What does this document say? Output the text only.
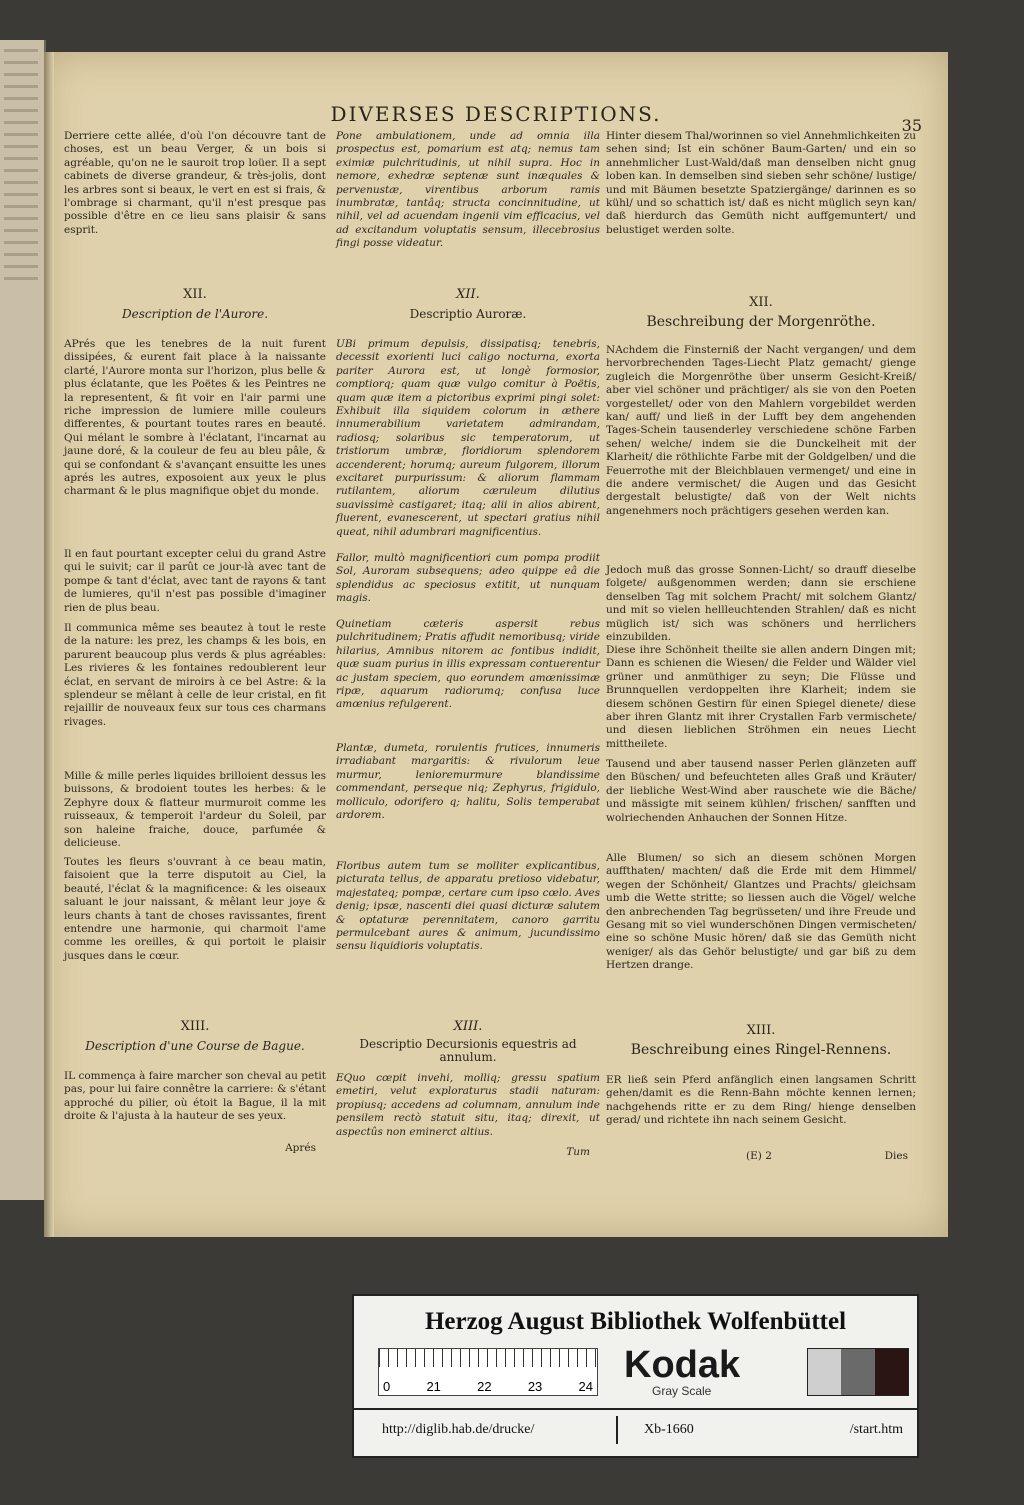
DIVERSES DESCRIPTIONS.	35

Derriere cette allée, d'où l'on découvre tant de choses, est un beau Verger, & un bois si agréable, qu'on ne le sauroit trop loüer. Il a sept cabinets de diverse grandeur, & très-jolis, dont les arbres sont si beaux, le vert en est si frais, & l'ombrage si charmant, qu'il n'est presque pas possible d'être en ce lieu sans plaisir & sans esprit.

XII.
Description de l'Aurore.

APrés que les tenebres de la nuit furent dissipées, & eurent fait place à la naissante clarté, l'Aurore monta sur l'horizon, plus belle & plus éclatante, que les Poëtes & les Peintres ne la representent, & fit voir en l'air parmi une riche impression de lumiere mille couleurs differentes, & pourtant toutes rares en beauté. Qui mélant le sombre à l'éclatant, l'incarnat au jaune doré, & la couleur de feu au bleu pâle, & qui se confondant & s'avançant ensuitte les unes aprés les autres, exposoient aux yeux le plus charmant & le plus magnifique objet du monde.

Il en faut pourtant excepter celui du grand Astre qui le suivit; car il parût ce jour-là avec tant de pompe & tant d'éclat, avec tant de rayons & tant de lumieres, qu'il n'est pas possible d'imaginer rien de plus beau.

Il communica même ses beautez à tout le reste de la nature: les prez, les champs & les bois, en parurent beaucoup plus verds & plus agréables: Les rivieres & les fontaines redoublerent leur éclat, en servant de miroirs à ce bel Astre: & la splendeur se mêlant à celle de leur cristal, en fit rejaillir de nouveaux feux sur tous ces charmans rivages.

Mille & mille perles liquides brilloient dessus les buissons, & brodoient toutes les herbes: & le Zephyre doux & flatteur murmuroit comme les ruisseaux, & temperoit l'ardeur du Soleil, par son haleine fraiche, douce, parfumée & delicieuse.

Toutes les fleurs s'ouvrant à ce beau matin, faisoient que la terre disputoit au Ciel, la beauté, l'éclat & la magnificence: & les oiseaux saluant le jour naissant, & mêlant leur joye & leurs chants à tant de choses ravissantes, firent entendre une harmonie, qui charmoit l'ame comme les oreilles, & qui portoit le plaisir jusques dans le cœur.

XIII.
Description d'une Course de Bague.

IL commença à faire marcher son cheval au petit pas, pour lui faire connêtre la carriere: & s'étant approché du pilier, où étoit la Bague, il la mit droite & l'ajusta à la hauteur de ses yeux.

Aprés

Pone ambulationem, unde ad omnia illa prospectus est, pomarium est atq; nemus tam eximiæ pulchritudinis, ut nihil supra. Hoc in nemore, exhedræ septenæ sunt inæquales & pervenustæ, virentibus arborum ramis inumbratæ, tantâq; structa concinnitudine, ut nihil, vel ad acuendam ingenii vim efficacius, vel ad excitandum voluptatis sensum, illecebrosius fingi posse videatur.

XII.
Descriptio Auroræ.

UBi primum depulsis, dissipatisq; tenebris, decessit exorienti luci caligo nocturna, exorta pariter Aurora est, ut longè formosior, comptiorq; quam quæ vulgo comitur à Poëtis, quam quæ item a pictoribus exprimi pingi solet: Exhibuit illa siquidem colorum in æthere innumerabilium varietatem admirandam, radiosq; solaribus sic temperatorum, ut tristiorum umbræ, floridiorum splendorem accenderent; horumq; aureum fulgorem, illorum excitaret purpurissum: & aliorum flammam rutilantem, aliorum cæruleum dilutius suavissimè castigaret; itaq; alii in alios abirent, fluerent, evanescerent, ut spectari gratius nihil queat, nihil adumbrari magnificentius.

Fallor, multò magnificentiori cum pompa prodiit Sol, Auroram subsequens; adeo quippe eâ die splendidus ac speciosus extitit, ut nunquam magis.

Quinetiam cæteris aspersit rebus pulchritudinem; Pratis affudit nemoribusq; viride hilarius, Amnibus nitorem ac fontibus indidit, quæ suam purius in illis expressam contuerentur ac justam speciem, quo eorundem amœnissimæ ripæ, aquarum radiorumq; confusa luce amœnius refulgerent.

Plantæ, dumeta, rorulentis frutices, innumeris irradiabant margaritis: & rivulorum leue murmur, lenioremurmure blandissime commendant, perseque niq; Zephyrus, frigidulo, molliculo, odorifero q; halitu, Solis temperabat ardorem.

Floribus autem tum se molliter explicantibus, picturata tellus, de apparatu pretioso videbatur, majestateq; pompæ, certare cum ipso cœlo. Aves denig; ipsæ, nascenti diei quasi dicturæ salutem & optaturæ perennitatem, canoro garritu permulcebant aures & animum, jucundissimo sensu liquidioris voluptatis.

XIII.
Descriptio Decursionis equestris ad annulum.

EQuo cœpit invehi, molliq; gressu spatium emetiri, velut exploraturus stadii naturam: propiusq; accedens ad columnam, annulum inde pensilem rectò statuit situ, itaq; direxit, ut aspectûs non eminerct altius.

Tum

Hinter diesem Thal/worinnen so viel Annehmlichkeiten zu sehen sind; Ist ein schöner Baum-Garten/ und ein so annehmlicher Lust-Wald/daß man denselben nicht gnug loben kan. In demselben sind sieben sehr schöne/ lustige/ und mit Bäumen besetzte Spatziergänge/ darinnen es so kühl/ und so schattich ist/ daß es nicht müglich seyn kan/ daß hierdurch das Gemüth nicht auffgemuntert/ und belustiget werden solte.

XII.
Beschreibung der Morgenröthe.

NAchdem die Finsterniß der Nacht vergangen/ und dem hervorbrechenden Tages-Liecht Platz gemacht/ gienge zugleich die Morgenröthe über unserm Gesicht-Kreiß/ aber viel schöner und prächtiger/ als sie von den Poeten vorgestellet/ oder von den Mahlern vorgebildet werden kan/ auff/ und ließ in der Lufft bey dem angehenden Tages-Schein tausenderley verschiedene schöne Farben sehen/ welche/ indem sie die Dunckelheit mit der Klarheit/ die röthlichte Farbe mit der Goldgelben/ und die Feuerrothe mit der Bleichblauen vermenget/ und eine in die andere vermischet/ die Augen und das Gesicht dergestalt belustigte/ daß von der Welt nichts angenehmers noch prächtigers gesehen werden kan.

Jedoch muß das grosse Sonnen-Licht/ so drauff dieselbe folgete/ außgenommen werden; dann sie erschiene denselben Tag mit solchem Pracht/ mit solchem Glantz/ und mit so vielen hellleuchtenden Strahlen/ daß es nicht müglich ist/ sich was schöners und herrlichers einzubilden.

Diese ihre Schönheit theilte sie allen andern Dingen mit; Dann es schienen die Wiesen/ die Felder und Wälder viel grüner und anmüthiger zu seyn; Die Flüsse und Brunnquellen verdoppelten ihre Klarheit; indem sie diesem schönen Gestirn für einen Spiegel dienete/ diese aber ihren Glantz mit ihrer Crystallen Farb vermischete/ und diesen lieblichen Ströhmen ein neues Liecht mittheilete.

Tausend und aber tausend nasser Perlen glänzeten auff den Büschen/ und befeuchteten alles Graß und Kräuter/ der liebliche West-Wind aber rauschete wie die Bäche/ und mässigte mit seinem kühlen/ frischen/ sanfften und wolriechenden Anhauchen der Sonnen Hitze.

Alle Blumen/ so sich an diesem schönen Morgen auffthaten/ machten/ daß die Erde mit dem Himmel/ wegen der Schönheit/ Glantzes und Prachts/ gleichsam umb die Wette stritte; so liessen auch die Vögel/ welche den anbrechenden Tag begrüsseten/ und ihre Freude und Gesang mit so viel wunderschönen Dingen vermischeten/ eine so schöne Music hören/ daß sie das Gemüth nicht weniger/ als das Gehör belustigte/ und gar biß zu dem Hertzen drange.

XIII.
Beschreibung eines Ringel-Rennens.

ER ließ sein Pferd anfänglich einen langsamen Schritt gehen/damit es die Renn-Bahn möchte kennen lernen; nachgehends ritte er zu dem Ring/ hienge denselben gerad/ und richtete ihn nach seinem Gesicht.

(E) 2	Dies
Herzog August Bibliothek Wolfenbüttel
0	21	22	23	24
Kodak
Gray Scale
http://diglib.hab.de/drucke/	Xb-1660	/start.htm
